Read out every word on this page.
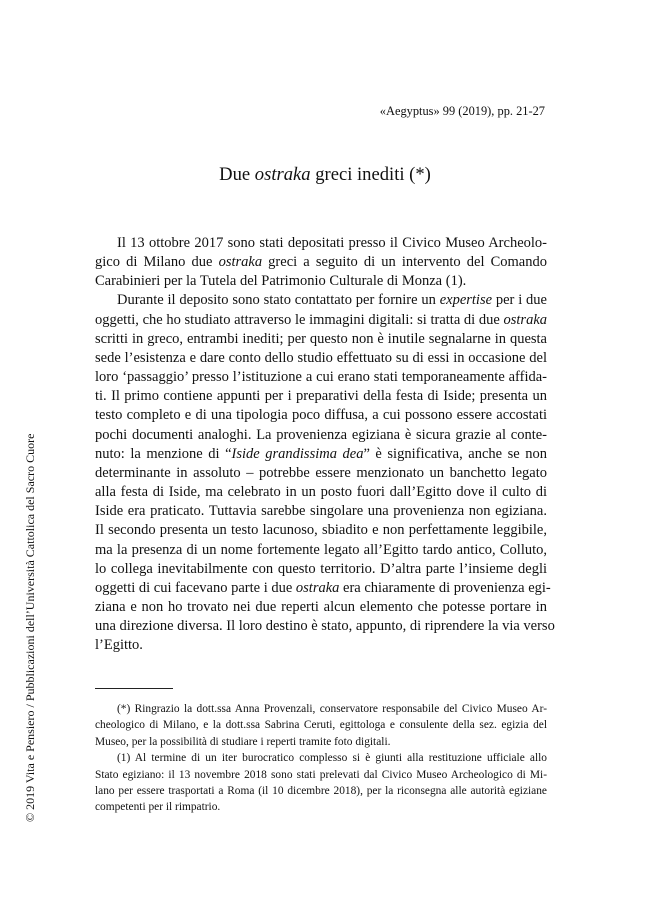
«Aegyptus» 99 (2019), pp. 21-27
Due ostraka greci inediti (*)
Il 13 ottobre 2017 sono stati depositati presso il Civico Museo Archeolo-
gico di Milano due ostraka greci a seguito di un intervento del Comando
Carabinieri per la Tutela del Patrimonio Culturale di Monza (1).
Durante il deposito sono stato contattato per fornire un expertise per i due
oggetti, che ho studiato attraverso le immagini digitali: si tratta di due ostraka
scritti in greco, entrambi inediti; per questo non è inutile segnalarne in questa
sede l’esistenza e dare conto dello studio effettuato su di essi in occasione del
loro ‘passaggio’ presso l’istituzione a cui erano stati temporaneamente affida-
ti. Il primo contiene appunti per i preparativi della festa di Iside; presenta un
testo completo e di una tipologia poco diffusa, a cui possono essere accostati
pochi documenti analoghi. La provenienza egiziana è sicura grazie al conte-
nuto: la menzione di “Iside grandissima dea” è significativa, anche se non
determinante in assoluto – potrebbe essere menzionato un banchetto legato
alla festa di Iside, ma celebrato in un posto fuori dall’Egitto dove il culto di
Iside era praticato. Tuttavia sarebbe singolare una provenienza non egiziana.
Il secondo presenta un testo lacunoso, sbiadito e non perfettamente leggibile,
ma la presenza di un nome fortemente legato all’Egitto tardo antico, Colluto,
lo collega inevitabilmente con questo territorio. D’altra parte l’insieme degli
oggetti di cui facevano parte i due ostraka era chiaramente di provenienza egi-
ziana e non ho trovato nei due reperti alcun elemento che potesse portare in
una direzione diversa. Il loro destino è stato, appunto, di riprendere la via verso
l’Egitto.
(*) Ringrazio la dott.ssa Anna Provenzali, conservatore responsabile del Civico Museo Ar-
cheologico di Milano, e la dott.ssa Sabrina Ceruti, egittologa e consulente della sez. egizia del
Museo, per la possibilità di studiare i reperti tramite foto digitali.
(1) Al termine di un iter burocratico complesso si è giunti alla restituzione ufficiale allo
Stato egiziano: il 13 novembre 2018 sono stati prelevati dal Civico Museo Archeologico di Mi-
lano per essere trasportati a Roma (il 10 dicembre 2018), per la riconsegna alle autorità egiziane
competenti per il rimpatrio.
© 2019 Vita e Pensiero / Pubblicazioni dell’Università Cattolica del Sacro Cuore
